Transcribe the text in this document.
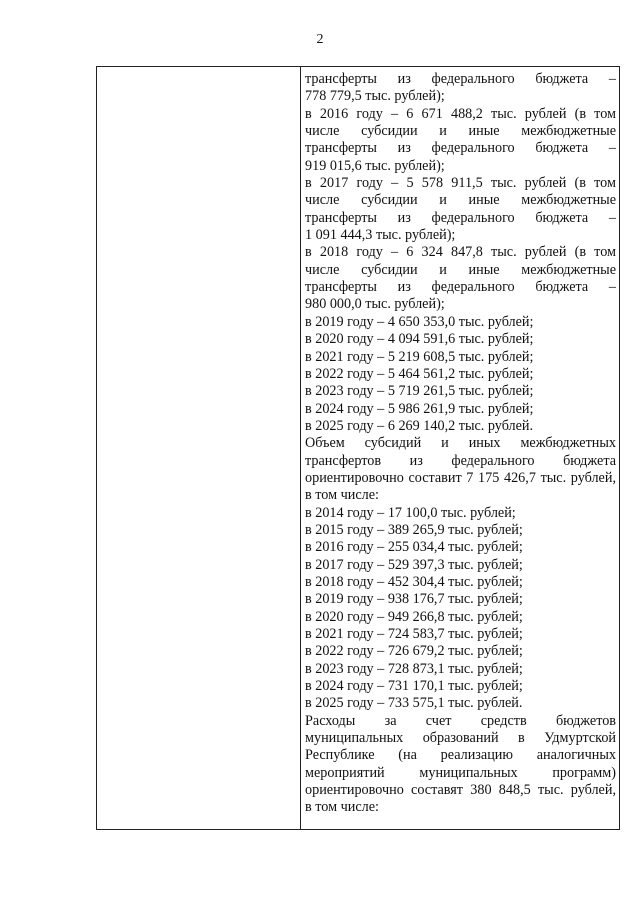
2
трансферты из федерального бюджета –
778 779,5 тыс. рублей);
в 2016 году – 6 671 488,2 тыс. рублей (в том
числе субсидии и иные межбюджетные
трансферты из федерального бюджета –
919 015,6 тыс. рублей);
в 2017 году – 5 578 911,5 тыс. рублей (в том
числе субсидии и иные межбюджетные
трансферты из федерального бюджета –
1 091 444,3 тыс. рублей);
в 2018 году – 6 324 847,8 тыс. рублей (в том
числе субсидии и иные межбюджетные
трансферты из федерального бюджета –
980 000,0 тыс. рублей);
в 2019 году – 4 650 353,0 тыс. рублей;
в 2020 году – 4 094 591,6 тыс. рублей;
в 2021 году – 5 219 608,5 тыс. рублей;
в 2022 году – 5 464 561,2 тыс. рублей;
в 2023 году – 5 719 261,5 тыс. рублей;
в 2024 году – 5 986 261,9 тыс. рублей;
в 2025 году – 6 269 140,2 тыс. рублей.
Объем субсидий и иных межбюджетных
трансфертов из федерального бюджета
ориентировочно составит 7 175 426,7 тыс. рублей,
в том числе:
в 2014 году – 17 100,0 тыс. рублей;
в 2015 году – 389 265,9 тыс. рублей;
в 2016 году – 255 034,4 тыс. рублей;
в 2017 году – 529 397,3 тыс. рублей;
в 2018 году – 452 304,4 тыс. рублей;
в 2019 году – 938 176,7 тыс. рублей;
в 2020 году – 949 266,8 тыс. рублей;
в 2021 году – 724 583,7 тыс. рублей;
в 2022 году – 726 679,2 тыс. рублей;
в 2023 году – 728 873,1 тыс. рублей;
в 2024 году – 731 170,1 тыс. рублей;
в 2025 году – 733 575,1 тыс. рублей.
Расходы за счет средств бюджетов
муниципальных образований в Удмуртской
Республике (на реализацию аналогичных
мероприятий муниципальных программ)
ориентировочно составят 380 848,5 тыс. рублей,
в том числе:
